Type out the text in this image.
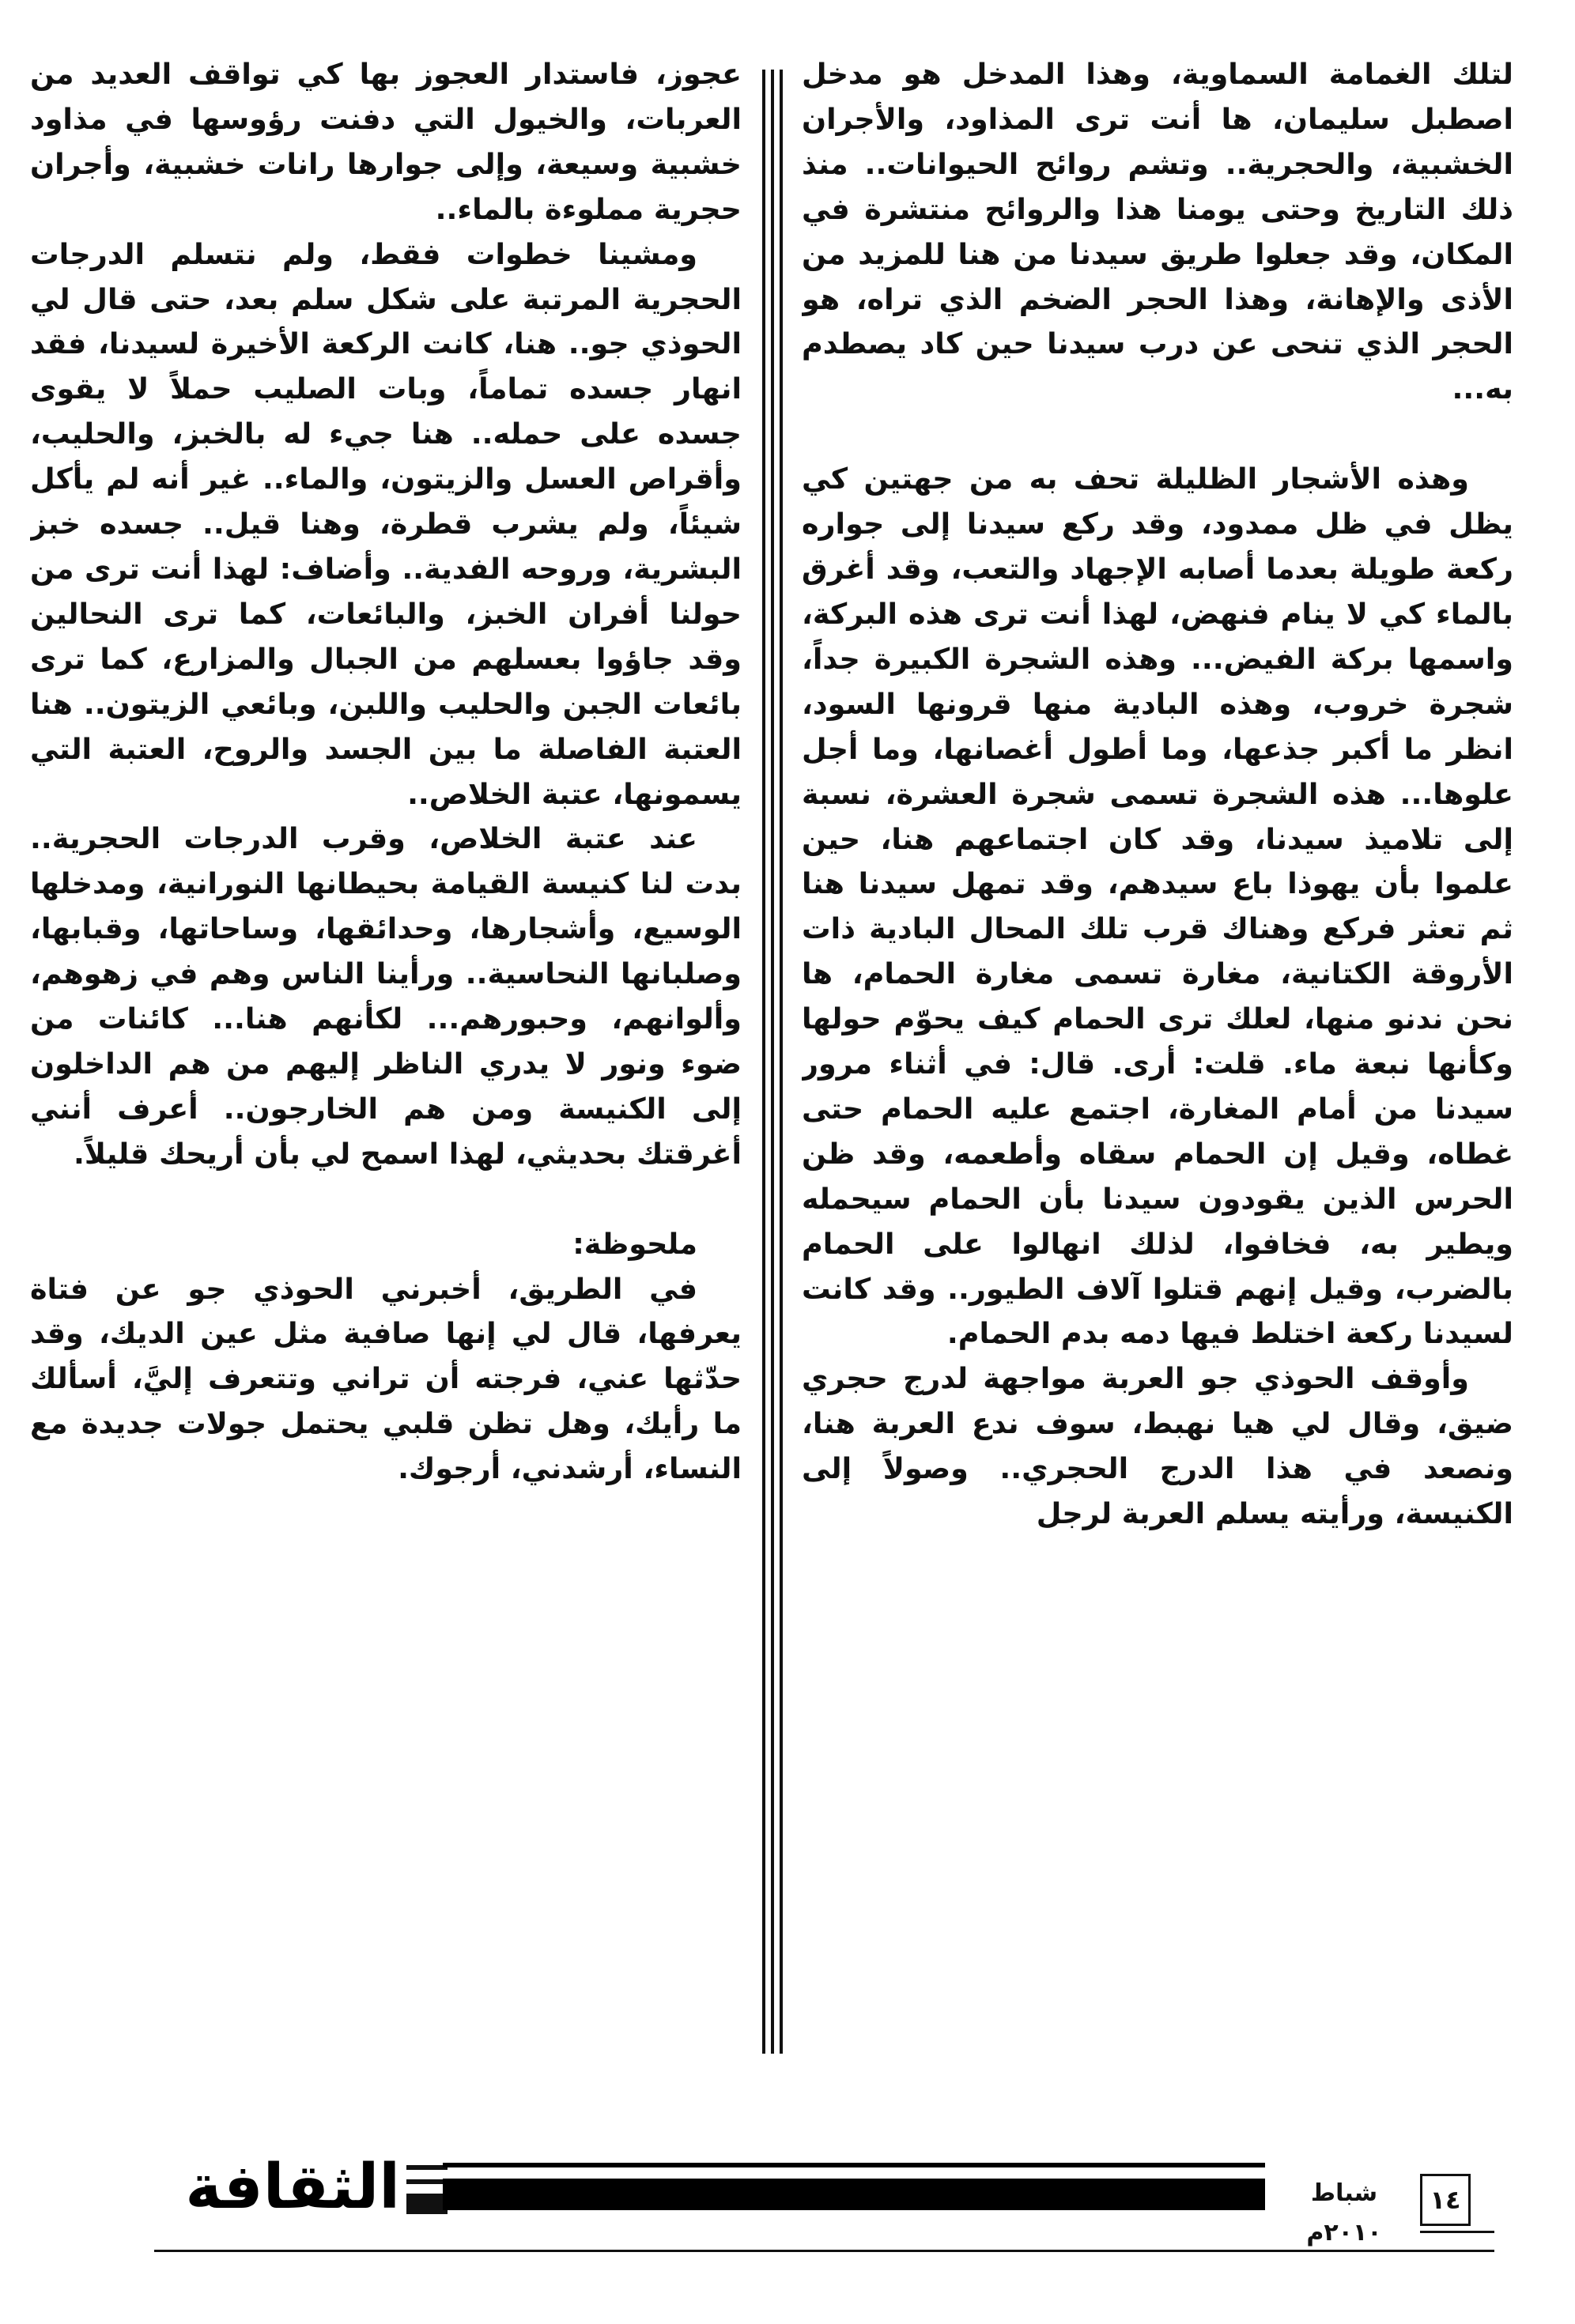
لتلك الغمامة السماوية، وهذا المدخل هو مدخل اصطبل سليمان، ها أنت ترى المذاود، والأجران الخشبية، والحجرية.. وتشم روائح الحيوانات.. منذ ذلك التاريخ وحتى يومنا هذا والروائح منتشرة في المكان، وقد جعلوا طريق سيدنا من هنا للمزيد من الأذى والإهانة، وهذا الحجر الضخم الذي تراه، هو الحجر الذي تنحى عن درب سيدنا حين كاد يصطدم به...

وهذه الأشجار الظليلة تحف به من جهتين كي يظل في ظل ممدود، وقد ركع سيدنا إلى جواره ركعة طويلة بعدما أصابه الإجهاد والتعب، وقد أغرق بالماء كي لا ينام فنهض، لهذا أنت ترى هذه البركة، واسمها بركة الفيض... وهذه الشجرة الكبيرة جداً، شجرة خروب، وهذه البادية منها قرونها السود، انظر ما أكبر جذعها، وما أطول أغصانها، وما أجل علوها... هذه الشجرة تسمى شجرة العشرة، نسبة إلى تلاميذ سيدنا، وقد كان اجتماعهم هنا، حين علموا بأن يهوذا باع سيدهم، وقد تمهل سيدنا هنا ثم تعثر فركع وهناك قرب تلك المحال البادية ذات الأروقة الكتانية، مغارة تسمى مغارة الحمام، ها نحن ندنو منها، لعلك ترى الحمام كيف يحوّم حولها وكأنها نبعة ماء. قلت: أرى. قال: في أثناء مرور سيدنا من أمام المغارة، اجتمع عليه الحمام حتى غطاه، وقيل إن الحمام سقاه وأطعمه، وقد ظن الحرس الذين يقودون سيدنا بأن الحمام سيحمله ويطير به، فخافوا، لذلك انهالوا على الحمام بالضرب، وقيل إنهم قتلوا آلاف الطيور.. وقد كانت لسيدنا ركعة اختلط فيها دمه بدم الحمام.

وأوقف الحوذي جو العربة مواجهة لدرج حجري ضيق، وقال لي هيا نهبط، سوف ندع العربة هنا، ونصعد في هذا الدرج الحجري.. وصولاً إلى الكنيسة، ورأيته يسلم العربة لرجل

عجوز، فاستدار العجوز بها كي تواقف العديد من العربات، والخيول التي دفنت رؤوسها في مذاود خشبية وسيعة، وإلى جوارها رانات خشبية، وأجران حجرية مملوءة بالماء..

ومشينا خطوات فقط، ولم نتسلم الدرجات الحجرية المرتبة على شكل سلم بعد، حتى قال لي الحوذي جو.. هنا، كانت الركعة الأخيرة لسيدنا، فقد انهار جسده تماماً، وبات الصليب حملاً لا يقوى جسده على حمله.. هنا جيء له بالخبز، والحليب، وأقراص العسل والزيتون، والماء.. غير أنه لم يأكل شيئاً، ولم يشرب قطرة، وهنا قيل.. جسده خبز البشرية، وروحه الفدية.. وأضاف: لهذا أنت ترى من حولنا أفران الخبز، والبائعات، كما ترى النحالين وقد جاؤوا بعسلهم من الجبال والمزارع، كما ترى بائعات الجبن والحليب واللبن، وبائعي الزيتون.. هنا العتبة الفاصلة ما بين الجسد والروح، العتبة التي يسمونها، عتبة الخلاص..

عند عتبة الخلاص، وقرب الدرجات الحجرية.. بدت لنا كنيسة القيامة بحيطانها النورانية، ومدخلها الوسيع، وأشجارها، وحدائقها، وساحاتها، وقبابها، وصلبانها النحاسية.. ورأينا الناس وهم في زهوهم، وألوانهم، وحبورهم... لكأنهم هنا... كائنات من ضوء ونور لا يدري الناظر إليهم من هم الداخلون إلى الكنيسة ومن هم الخارجون.. أعرف أنني أغرقتك بحديثي، لهذا اسمح لي بأن أريحك قليلاً.

ملحوظة:

في الطريق، أخبرني الحوذي جو عن فتاة يعرفها، قال لي إنها صافية مثل عين الديك، وقد حدّثها عني، فرجته أن تراني وتتعرف إليَّ، أسألك ما رأيك، وهل تظن قلبي يحتمل جولات جديدة مع النساء، أرشدني، أرجوك.

الثقافة	شباط ٢٠١٠م
١٤
